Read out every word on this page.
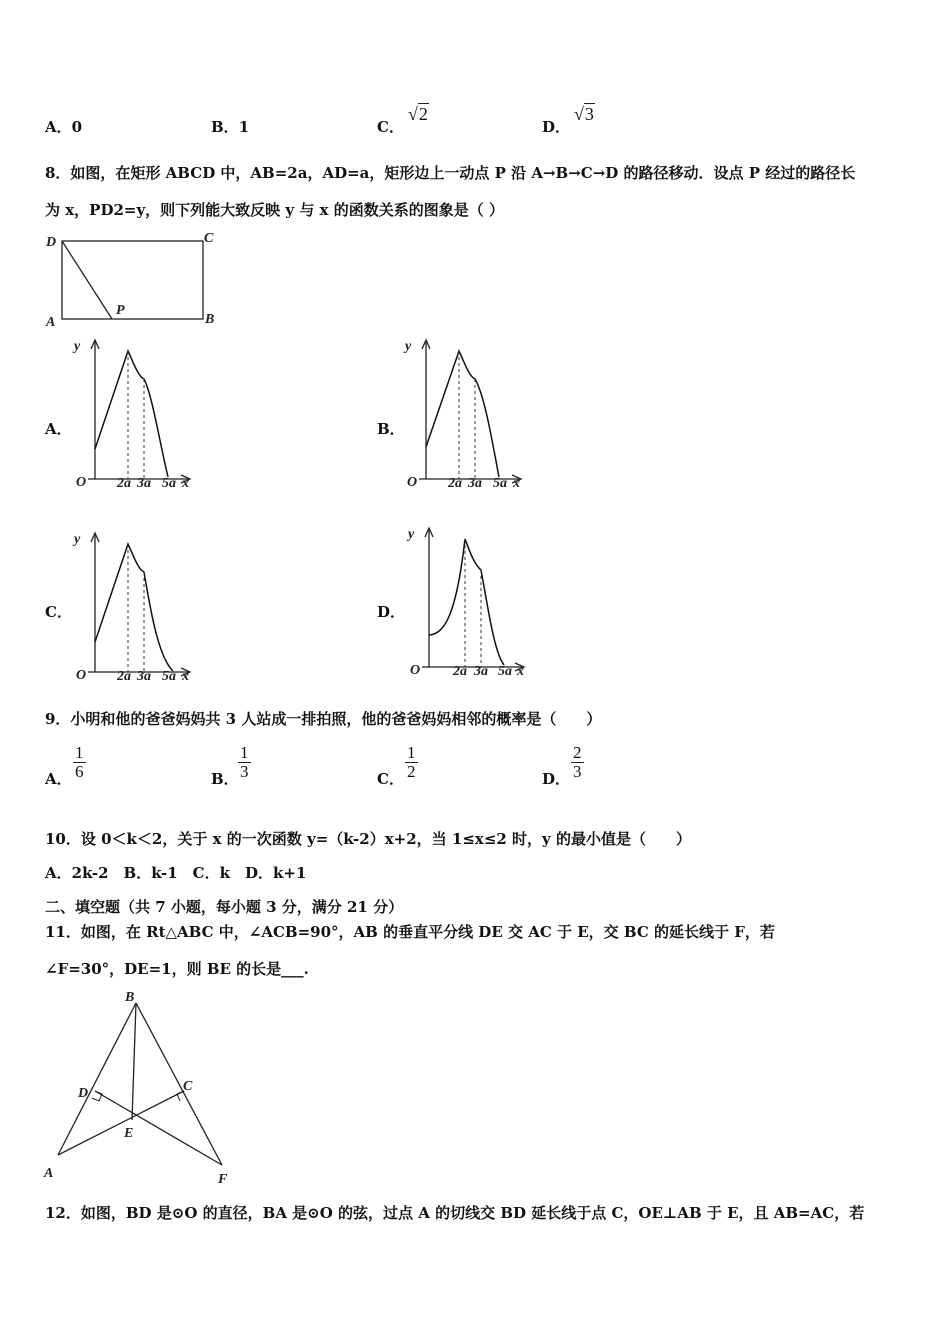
A．0	B．1	C．
√2
D．
√3
8．如图，在矩形 ABCD 中，AB=2a，AD=a，矩形边上一动点 P 沿 A→B→C→D 的路径移动．设点 P 经过的路径长
为 x，PD2=y，则下列能大致反映 y 与 x 的函数关系的图象是（ ）
D	C
A	B
P
A．
y
O 2a 3a 5a x
B．
y
O 2a 3a 5a x
C．
y
O 2a 3a 5a x
D．
y
O 2a 3a 5a x
9．小明和他的爸爸妈妈共 3 人站成一排拍照，他的爸爸妈妈相邻的概率是（　　）
A． $\frac{1}{6}$	B． $\frac{1}{3}$	C． $\frac{1}{2}$	D． $\frac{2}{3}$
10．设 0＜k＜2，关于 x 的一次函数 y=（k-2）x+2，当 1≤x≤2 时，y 的最小值是（　　）
A．2k-2　B．k-1　C．k　D．k+1
二、填空题（共 7 小题，每小题 3 分，满分 21 分）
11．如图，在 Rt△ABC 中，∠ACB=90°，AB 的垂直平分线 DE 交 AC 于 E，交 BC 的延长线于 F，若
∠F=30°，DE=1，则 BE 的长是___.
B
D	C
E
A	F
12．如图，BD 是⊙O 的直径，BA 是⊙O 的弦，过点 A 的切线交 BD 延长线于点 C，OE⊥AB 于 E，且 AB=AC，若
